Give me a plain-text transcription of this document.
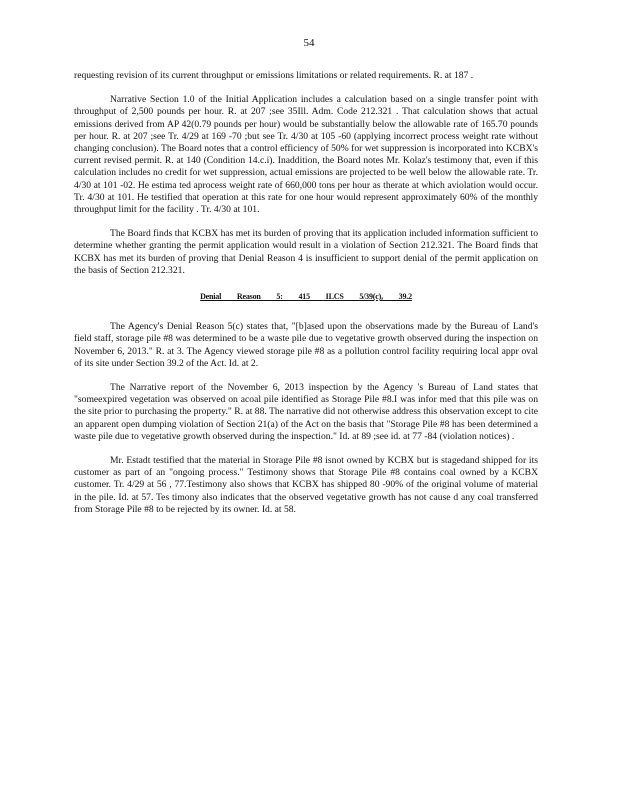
54

requesting revision of its current throughput or emissions limitations or related requirements. R. at 187 .

Narrative Section 1.0 of the Initial Application includes a calculation based on a single transfer point with throughput of 2,500 pounds per hour. R. at 207 ;see 35Ill. Adm. Code 212.321 . That calculation shows that actual emissions derived from AP 42(0.79 pounds per hour) would be substantially below the allowable rate of 165.70 pounds per hour. R. at 207 ;see Tr. 4/29 at 169 -70 ;but see Tr. 4/30 at 105 -60 (applying incorrect process weight rate without changing conclusion). The Board notes that a control efficiency of 50% for wet suppression is incorporated into KCBX's current revised permit. R. at 140 (Condition 14.c.i). Inaddition, the Board notes Mr. Kolaz's testimony that, even if this calculation includes no credit for wet suppression, actual emissions are projected to be well below the allowable rate. Tr. 4/30 at 101 -02. He estima ted aprocess weight rate of 660,000 tons per hour as therate at which aviolation would occur. Tr. 4/30 at 101. He testified that operation at this rate for one hour would represent approximately 60% of the monthly throughput limit for the facility . Tr. 4/30 at 101.

The Board finds that KCBX has met its burden of proving that its application included information sufficient to determine whether granting the permit application would result in a violation of Section 212.321. The Board finds that KCBX has met its burden of proving that Denial Reason 4 is insufficient to support denial of the permit application on the basis of Section 212.321.

Denial Reason 5: 415 ILCS 5/39(c), 39.2

The Agency's Denial Reason 5(c) states that, "[b]ased upon the observations made by the Bureau of Land's field staff, storage pile #8 was determined to be a waste pile due to vegetative growth observed during the inspection on November 6, 2013." R. at 3. The Agency viewed storage pile #8 as a pollution control facility requiring local appr oval of its site under Section 39.2 of the Act. Id. at 2.

The Narrative report of the November 6, 2013 inspection by the Agency 's Bureau of Land states that "someexpired vegetation was observed on acoal pile identified as Storage Pile #8.I was infor med that this pile was on the site prior to purchasing the property." R. at 88. The narrative did not otherwise address this observation except to cite an apparent open dumping violation of Section 21(a) of the Act on the basis that "Storage Pile #8 has been determined a waste pile due to vegetative growth observed during the inspection." Id. at 89 ;see id. at 77 -84 (violation notices) .

Mr. Estadt testified that the material in Storage Pile #8 isnot owned by KCBX but is stagedand shipped for its customer as part of an "ongoing process." Testimony shows that Storage Pile #8 contains coal owned by a KCBX customer. Tr. 4/29 at 56 , 77.Testimony also shows that KCBX has shipped 80 -90% of the original volume of material in the pile. Id. at 57. Tes timony also indicates that the observed vegetative growth has not cause d any coal transferred from Storage Pile #8 to be rejected by its owner. Id. at 58.
